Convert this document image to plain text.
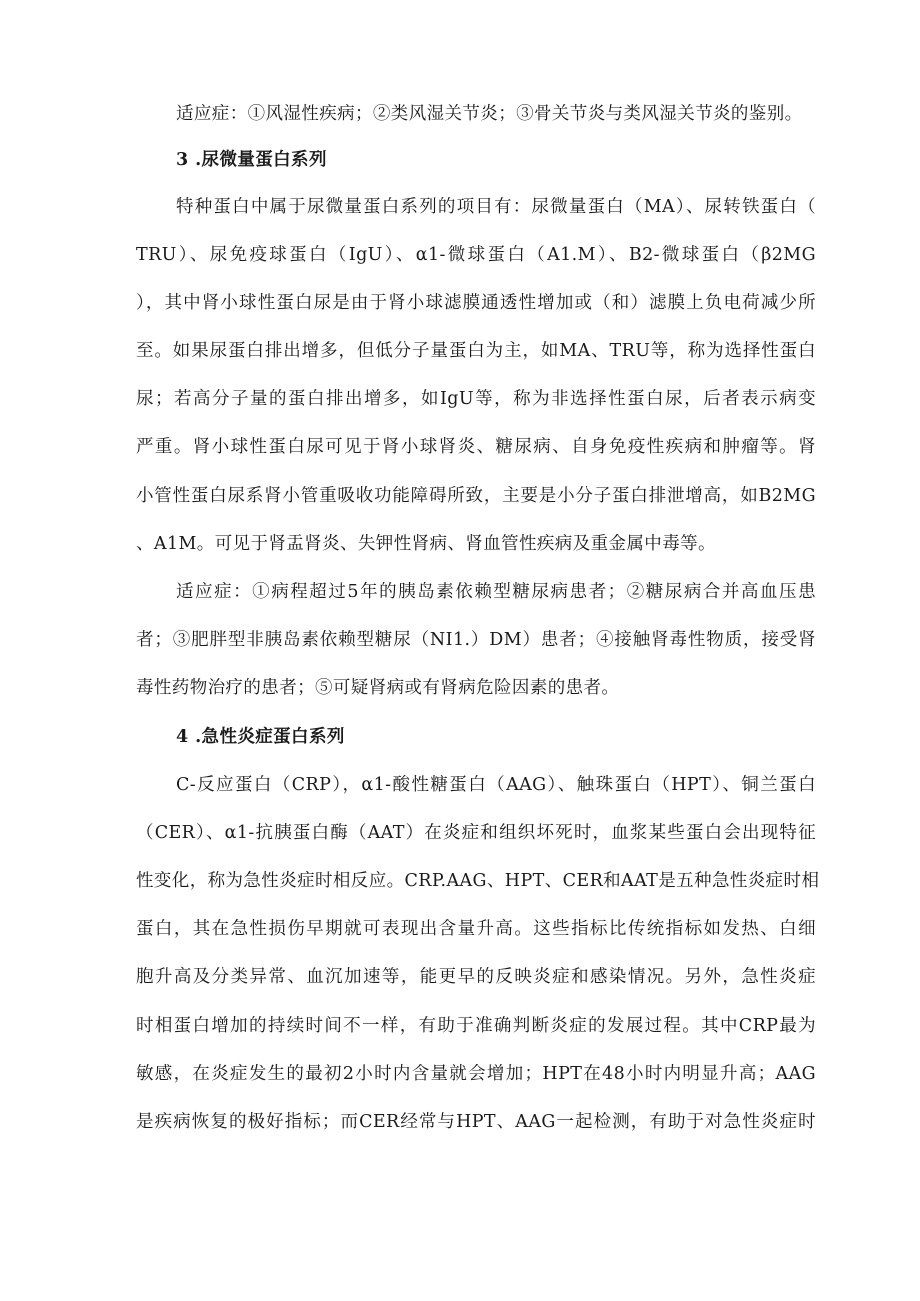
适应症：①风湿性疾病；②类风湿关节炎；③骨关节炎与类风湿关节炎的鉴别。
3 .尿微量蛋白系列
特种蛋白中属于尿微量蛋白系列的项目有：尿微量蛋白（MA）、尿转铁蛋白（
TRU）、尿免疫球蛋白（IgU）、α1-微球蛋白（A1.M）、B2-微球蛋白（β2MG
），其中肾小球性蛋白尿是由于肾小球滤膜通透性增加或（和）滤膜上负电荷减少所
至。如果尿蛋白排出增多，但低分子量蛋白为主，如MA、TRU等，称为选择性蛋白
尿；若高分子量的蛋白排出增多，如IgU等，称为非选择性蛋白尿，后者表示病变
严重。肾小球性蛋白尿可见于肾小球肾炎、糖尿病、自身免疫性疾病和肿瘤等。肾
小管性蛋白尿系肾小管重吸收功能障碍所致，主要是小分子蛋白排泄增高，如B2MG
、A1M。可见于肾盂肾炎、失钾性肾病、肾血管性疾病及重金属中毒等。
适应症：①病程超过5年的胰岛素依赖型糖尿病患者；②糖尿病合并高血压患
者；③肥胖型非胰岛素依赖型糖尿（NI1.）DM）患者；④接触肾毒性物质，接受肾
毒性药物治疗的患者；⑤可疑肾病或有肾病危险因素的患者。
4 .急性炎症蛋白系列
C-反应蛋白（CRP），α1-酸性糖蛋白（AAG）、触珠蛋白（HPT）、铜兰蛋白
（CER）、α1-抗胰蛋白酶（AAT）在炎症和组织坏死时，血浆某些蛋白会出现特征
性变化，称为急性炎症时相反应。CRP.AAG、HPT、CER和AAT是五种急性炎症时相
蛋白，其在急性损伤早期就可表现出含量升高。这些指标比传统指标如发热、白细
胞升高及分类异常、血沉加速等，能更早的反映炎症和感染情况。另外，急性炎症
时相蛋白增加的持续时间不一样，有助于准确判断炎症的发展过程。其中CRP最为
敏感，在炎症发生的最初2小时内含量就会增加；HPT在48小时内明显升高；AAG
是疾病恢复的极好指标；而CER经常与HPT、AAG一起检测，有助于对急性炎症时
